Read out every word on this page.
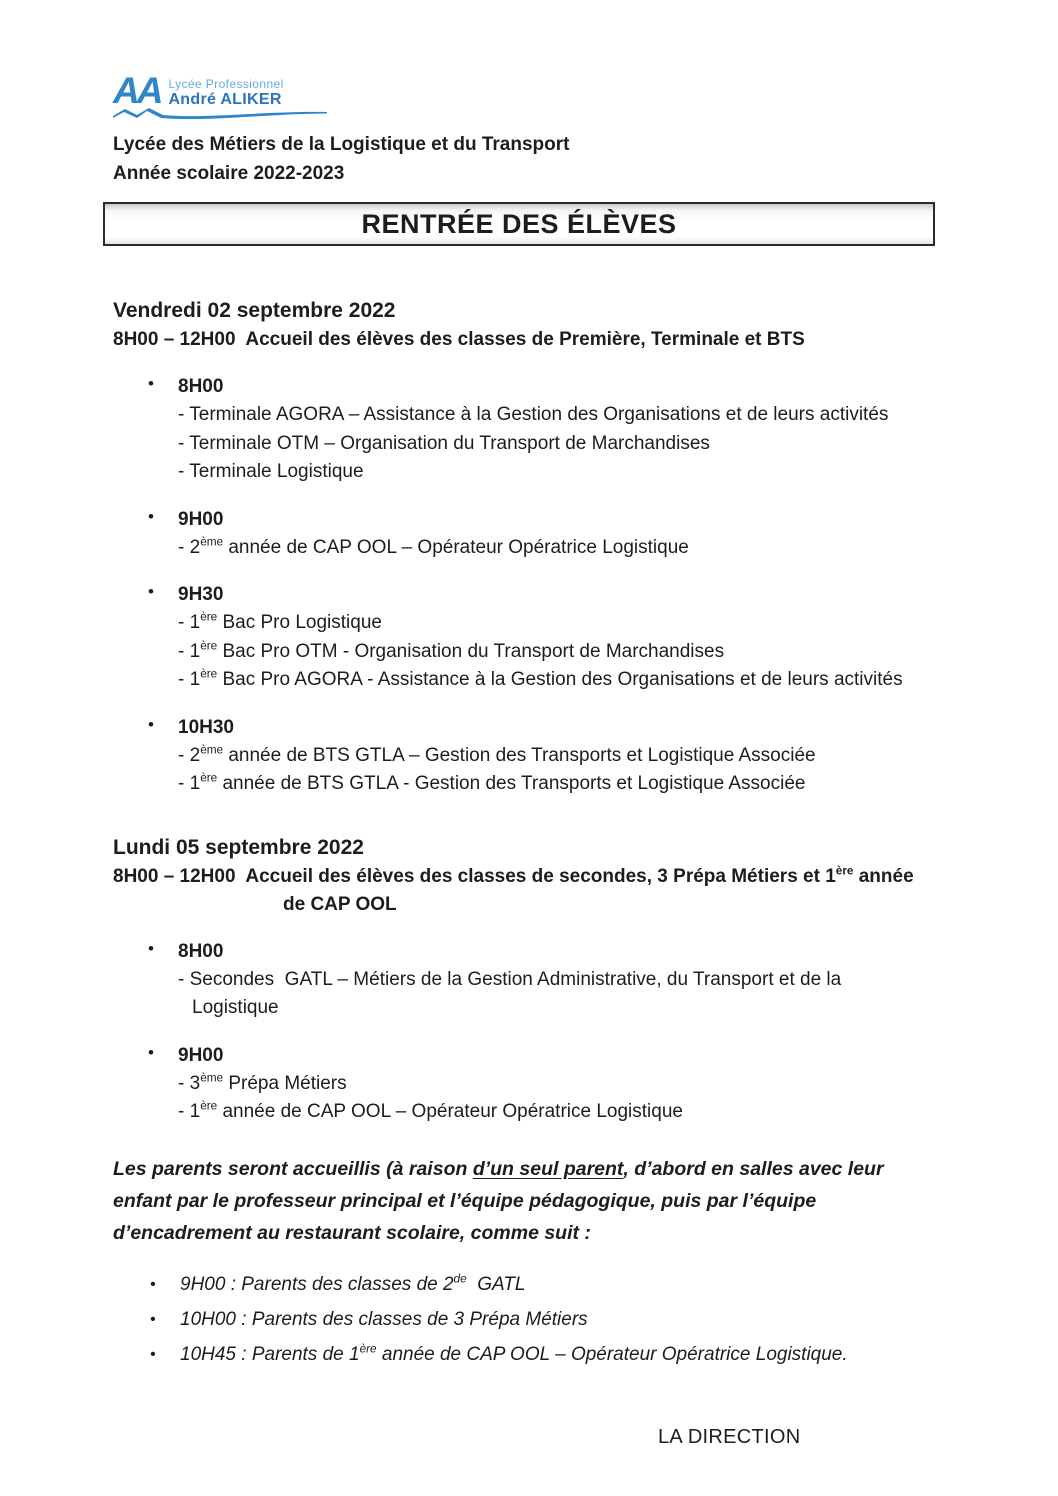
AA Lycée Professionnel
André ALIKER
Lycée des Métiers de la Logistique et du Transport
Année scolaire 2022-2023
RENTRÉE DES ÉLÈVES
Vendredi 02 septembre 2022
8H00 – 12H00  Accueil des élèves des classes de Première, Terminale et BTS
• 8H00
- Terminale AGORA – Assistance à la Gestion des Organisations et de leurs activités
- Terminale OTM – Organisation du Transport de Marchandises
- Terminale Logistique
• 9H00
- 2ème année de CAP OOL – Opérateur Opératrice Logistique
• 9H30
- 1ère Bac Pro Logistique
- 1ère Bac Pro OTM - Organisation du Transport de Marchandises
- 1ère Bac Pro AGORA - Assistance à la Gestion des Organisations et de leurs activités
• 10H30
- 2ème année de BTS GTLA – Gestion des Transports et Logistique Associée
- 1ère année de BTS GTLA - Gestion des Transports et Logistique Associée
Lundi 05 septembre 2022
8H00 – 12H00  Accueil des élèves des classes de secondes, 3 Prépa Métiers et 1ère année
de CAP OOL
• 8H00
- Secondes  GATL – Métiers de la Gestion Administrative, du Transport et de la
Logistique
• 9H00
- 3ème Prépa Métiers
- 1ère année de CAP OOL – Opérateur Opératrice Logistique
Les parents seront accueillis (à raison d’un seul parent, d’abord en salles avec leur enfant par le professeur principal et l’équipe pédagogique, puis par l’équipe d’encadrement au restaurant scolaire, comme suit :
• 9H00 : Parents des classes de 2de  GATL
• 10H00 : Parents des classes de 3 Prépa Métiers
• 10H45 : Parents de 1ère année de CAP OOL – Opérateur Opératrice Logistique.
LA DIRECTION
